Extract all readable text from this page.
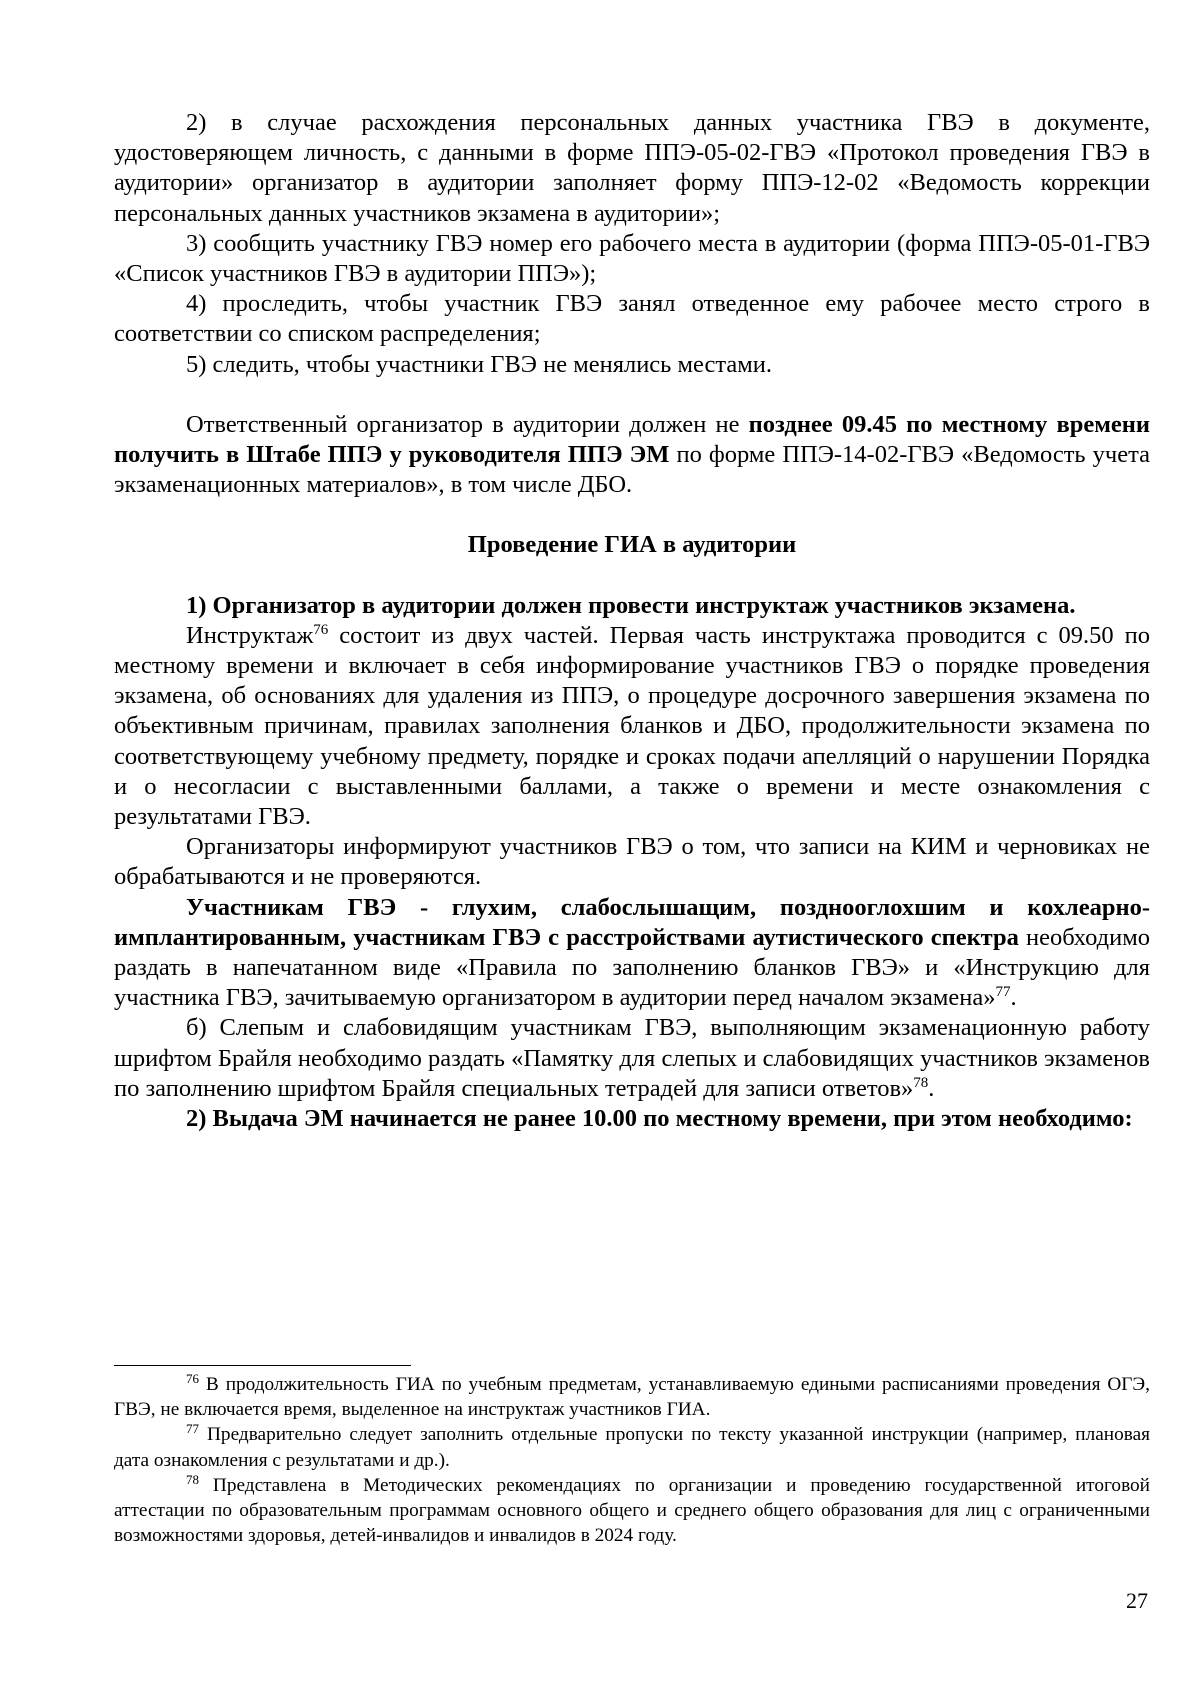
2) в случае расхождения персональных данных участника ГВЭ в документе, удостоверяющем личность, с данными в форме ППЭ-05-02-ГВЭ «Протокол проведения ГВЭ в аудитории» организатор в аудитории заполняет форму ППЭ-12-02 «Ведомость коррекции персональных данных участников экзамена в аудитории»;

3) сообщить участнику ГВЭ номер его рабочего места в аудитории (форма ППЭ-05-01-ГВЭ «Список участников ГВЭ в аудитории ППЭ»);

4) проследить, чтобы участник ГВЭ занял отведенное ему рабочее место строго в соответствии со списком распределения;

5) следить, чтобы участники ГВЭ не менялись местами.

Ответственный организатор в аудитории должен не позднее 09.45 по местному времени получить в Штабе ППЭ у руководителя ППЭ ЭМ по форме ППЭ-14-02-ГВЭ «Ведомость учета экзаменационных материалов», в том числе ДБО.

Проведение ГИА в аудитории

1) Организатор в аудитории должен провести инструктаж участников экзамена.

Инструктаж$^{76}$ состоит из двух частей. Первая часть инструктажа проводится с 09.50 по местному времени и включает в себя информирование участников ГВЭ о порядке проведения экзамена, об основаниях для удаления из ППЭ, о процедуре досрочного завершения экзамена по объективным причинам, правилах заполнения бланков и ДБО, продолжительности экзамена по соответствующему учебному предмету, порядке и сроках подачи апелляций о нарушении Порядка и о несогласии с выставленными баллами, а также о времени и месте ознакомления с результатами ГВЭ.

Организаторы информируют участников ГВЭ о том, что записи на КИМ и черновиках не обрабатываются и не проверяются.

Участникам ГВЭ - глухим, слабослышащим, позднооглохшим и кохлеарно-имплантированным, участникам ГВЭ с расстройствами аутистического спектра необходимо раздать в напечатанном виде «Правила по заполнению бланков ГВЭ» и «Инструкцию для участника ГВЭ, зачитываемую организатором в аудитории перед началом экзамена»$^{77}$.

б) Слепым и слабовидящим участникам ГВЭ, выполняющим экзаменационную работу шрифтом Брайля необходимо раздать «Памятку для слепых и слабовидящих участников экзаменов по заполнению шрифтом Брайля специальных тетрадей для записи ответов»$^{78}$.

2) Выдача ЭМ начинается не ранее 10.00 по местному времени, при этом необходимо:

$^{76}$ В продолжительность ГИА по учебным предметам, устанавливаемую едиными расписаниями проведения ОГЭ, ГВЭ, не включается время, выделенное на инструктаж участников ГИА.

$^{77}$ Предварительно следует заполнить отдельные пропуски по тексту указанной инструкции (например, плановая дата ознакомления с результатами и др.).

$^{78}$ Представлена в Методических рекомендациях по организации и проведению государственной итоговой аттестации по образовательным программам основного общего и среднего общего образования для лиц с ограниченными возможностями здоровья, детей-инвалидов и инвалидов в 2024 году.

27
